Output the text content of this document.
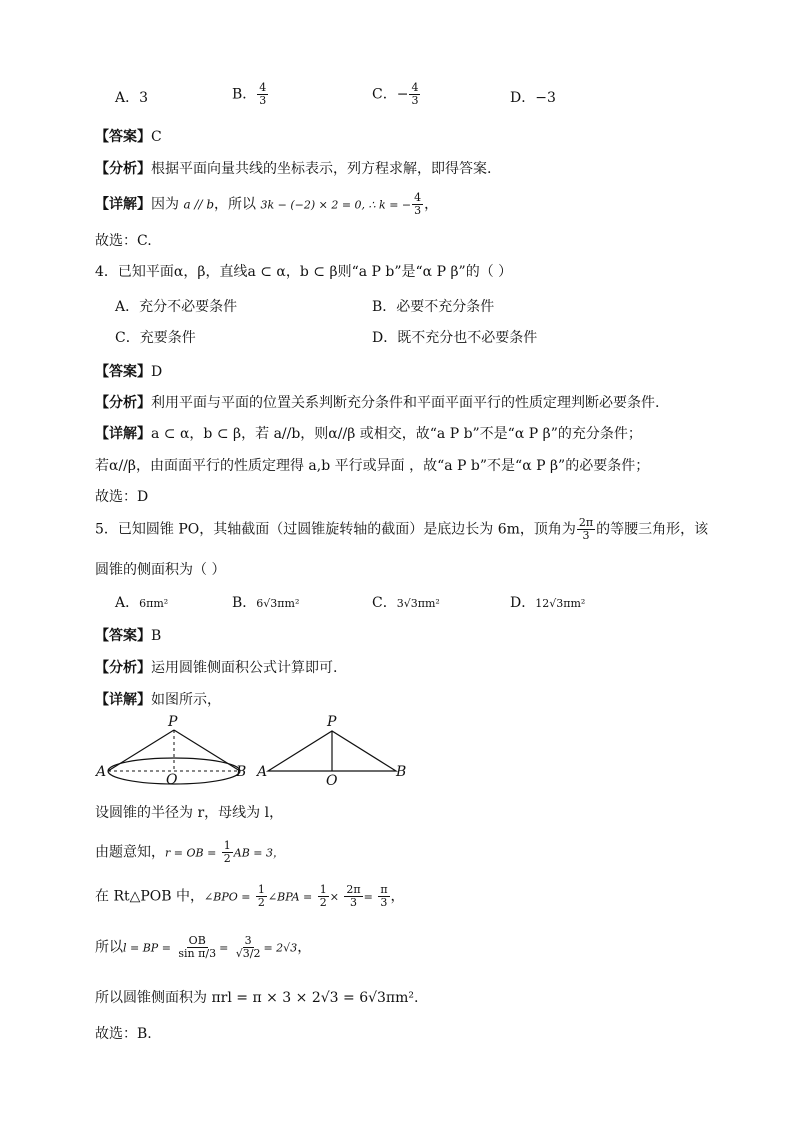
A．3	B． $\frac{4}{3}$	C．− $\frac{4}{3}$	D．−3
【答案】C
【分析】根据平面向量共线的坐标表示，列方程求解，即得答案.
【详解】因为 a // b，所以 3k − (−2) × 2 = 0, ∴ k = − $\frac{4}{3}$ ，
故选：C.
4．已知平面α，β，直线a ⊂ α，b ⊂ β则“a P b”是“α P β”的（ ）
A．充分不必要条件	B．必要不充分条件
C．充要条件	D．既不充分也不必要条件
【答案】D
【分析】利用平面与平面的位置关系判断充分条件和平面平面平行的性质定理判断必要条件.
【详解】a ⊂ α，b ⊂ β，若 a//b，则α//β 或相交，故“a P b”不是“α P β”的充分条件；
若α//β，由面面平行的性质定理得 a,b 平行或异面 ，故“a P b”不是“α P β”的必要条件；
故选：D
5．已知圆锥 PO，其轴截面（过圆锥旋转轴的截面）是底边长为 6m，顶角为 $\frac{2\pi}{3}$ 的等腰三角形，该
圆锥的侧面积为（ ）
A．6πm²	B．6√3πm²	C．3√3πm²	D．12√3πm²
【答案】B
【分析】运用圆锥侧面积公式计算即可.
【详解】如图所示，
P
A	B
O
P
A	B
O
设圆锥的半径为 r，母线为 l，
由题意知，r = OB = $\frac{1}{2}$ AB = 3，
在 Rt△POB 中，∠BPO = $\frac{1}{2}$ ∠BPA = $\frac{1}{2} \times \frac{2\pi}{3} = \frac{\pi}{3}$ ，
所以l = BP = $\frac{OB}{\text{sin π/3}} = \frac{3}{√3/2} = 2√3$，
所以圆锥侧面积为 πrl = π × 3 × 2√3 = 6√3πm².
故选：B.
